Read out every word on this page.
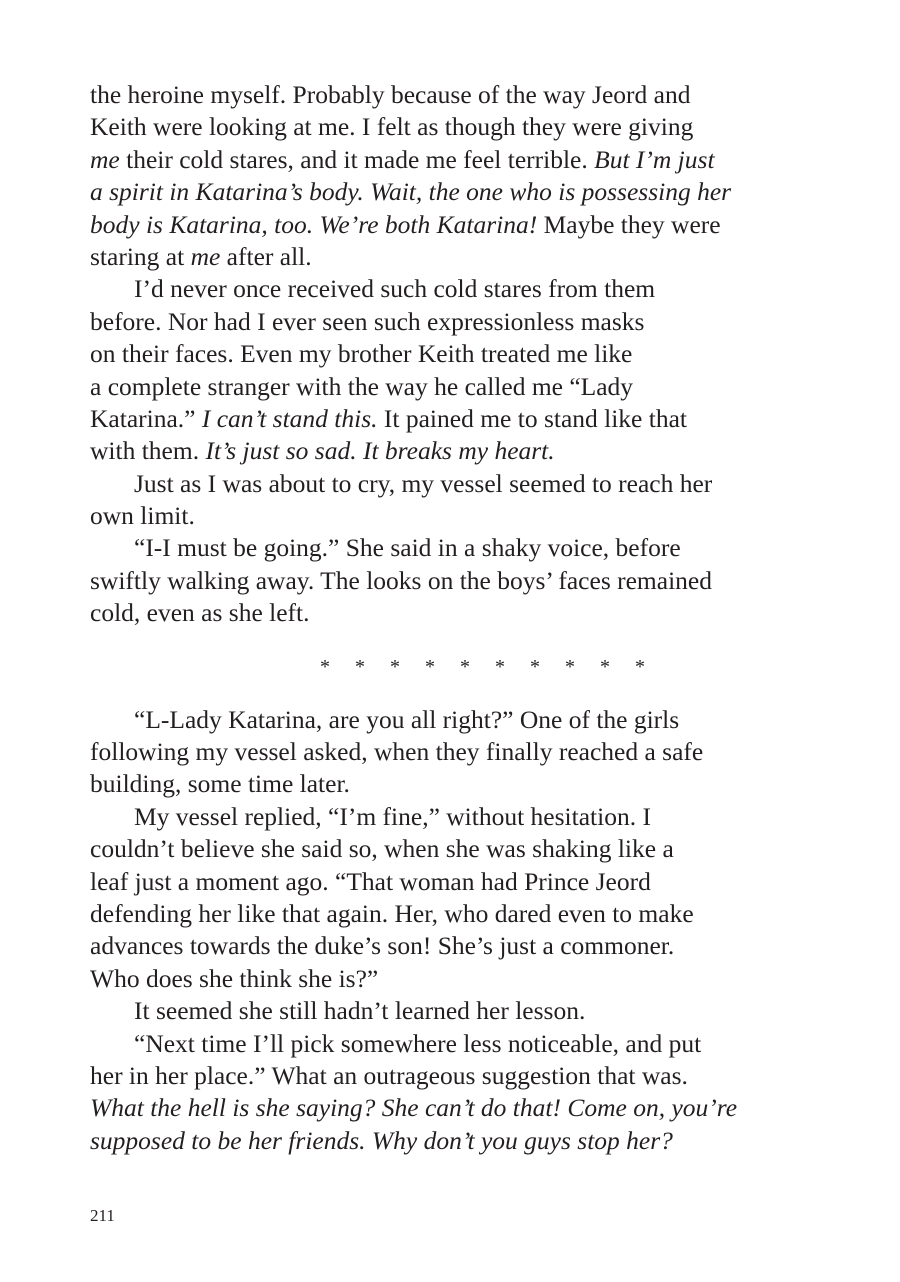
the heroine myself. Probably because of the way Jeord and
Keith were looking at me. I felt as though they were giving
me their cold stares, and it made me feel terrible. But I’m just
a spirit in Katarina’s body. Wait, the one who is possessing her
body is Katarina, too. We’re both Katarina! Maybe they were
staring at me after all.
I’d never once received such cold stares from them
before. Nor had I ever seen such expressionless masks
on their faces. Even my brother Keith treated me like
a complete stranger with the way he called me “Lady
Katarina.” I can’t stand this. It pained me to stand like that
with them. It’s just so sad. It breaks my heart.
Just as I was about to cry, my vessel seemed to reach her
own limit.
“I-I must be going.” She said in a shaky voice, before
swiftly walking away. The looks on the boys’ faces remained
cold, even as she left.
*     *     *     *     *     *     *     *     *     *
“L-Lady Katarina, are you all right?” One of the girls
following my vessel asked, when they finally reached a safe
building, some time later.
My vessel replied, “I’m fine,” without hesitation. I
couldn’t believe she said so, when she was shaking like a
leaf just a moment ago. “That woman had Prince Jeord
defending her like that again. Her, who dared even to make
advances towards the duke’s son! She’s just a commoner.
Who does she think she is?”
It seemed she still hadn’t learned her lesson.
“Next time I’ll pick somewhere less noticeable, and put
her in her place.” What an outrageous suggestion that was.
What the hell is she saying? She can’t do that! Come on, you’re
supposed to be her friends. Why don’t you guys stop her?
211
